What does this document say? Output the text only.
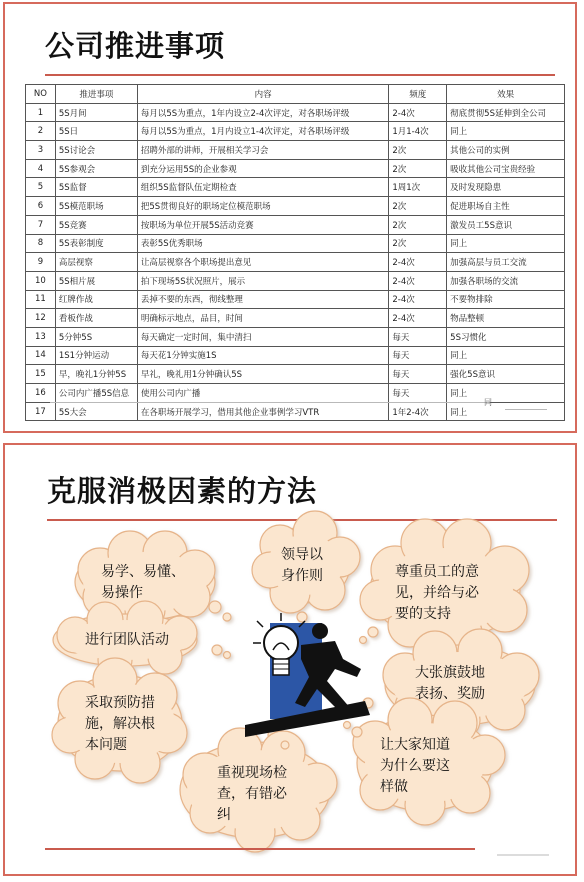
公司推进事项
NO	推进事项	内容	频度	效果
1	5S月间	每月以5S为重点，1年内设立2-4次评定，对各职场评级	2-4次	彻底贯彻5S延伸到全公司
2	5S日	每月以5S为重点，1月内设立1-4次评定，对各职场评级	1月1-4次	同上
3	5S讨论会	招聘外部的讲师，开展相关学习会	2次	其他公司的实例
4	5S参观会	到充分运用5S的企业参观	2次	吸收其他公司宝贵经验
5	5S监督	组织5S监督队伍定期检查	1周1次	及时发现隐患
6	5S模范职场	把5S贯彻良好的职场定位模范职场	2次	促进职场自主性
7	5S竞赛	按职场为单位开展5S活动竞赛	2次	激发员工5S意识
8	5S表彰制度	表彰5S优秀职场	2次	同上
9	高层视察	让高层视察各个职场提出意见	2-4次	加强高层与员工交流
10	5S相片展	拍下现场5S状况照片，展示	2-4次	加强各职场的交流
11	红牌作战	丢掉不要的东西，彻线整理	2-4次	不要物排除
12	看板作战	明确标示地点，品目，时间	2-4次	物品整顿
13	5分钟5S	每天确定一定时间，集中清扫	每天	5S习惯化
14	1S1分钟运动	每天花1分钟实施1S	每天	同上
15	早，晚礼1分钟5S	早礼，晚礼用1分钟确认5S	每天	强化5S意识
16	公司内广播5S信息	使用公司内广播	每天	同上
17	5S大会	在各职场开展学习，借用其他企业事例学习VTR	1年2-4次	同上
同
克服消极因素的方法
易学、易懂、
易操作
领导以
身作则	尊重员工的意
见，并给与必
要的支持
进行团队活动
大张旗鼓地
表扬、奖励
采取预防措
施，解决根
本问题	让大家知道
为什么要这
样做
重视现场检
查，有错必
纠
